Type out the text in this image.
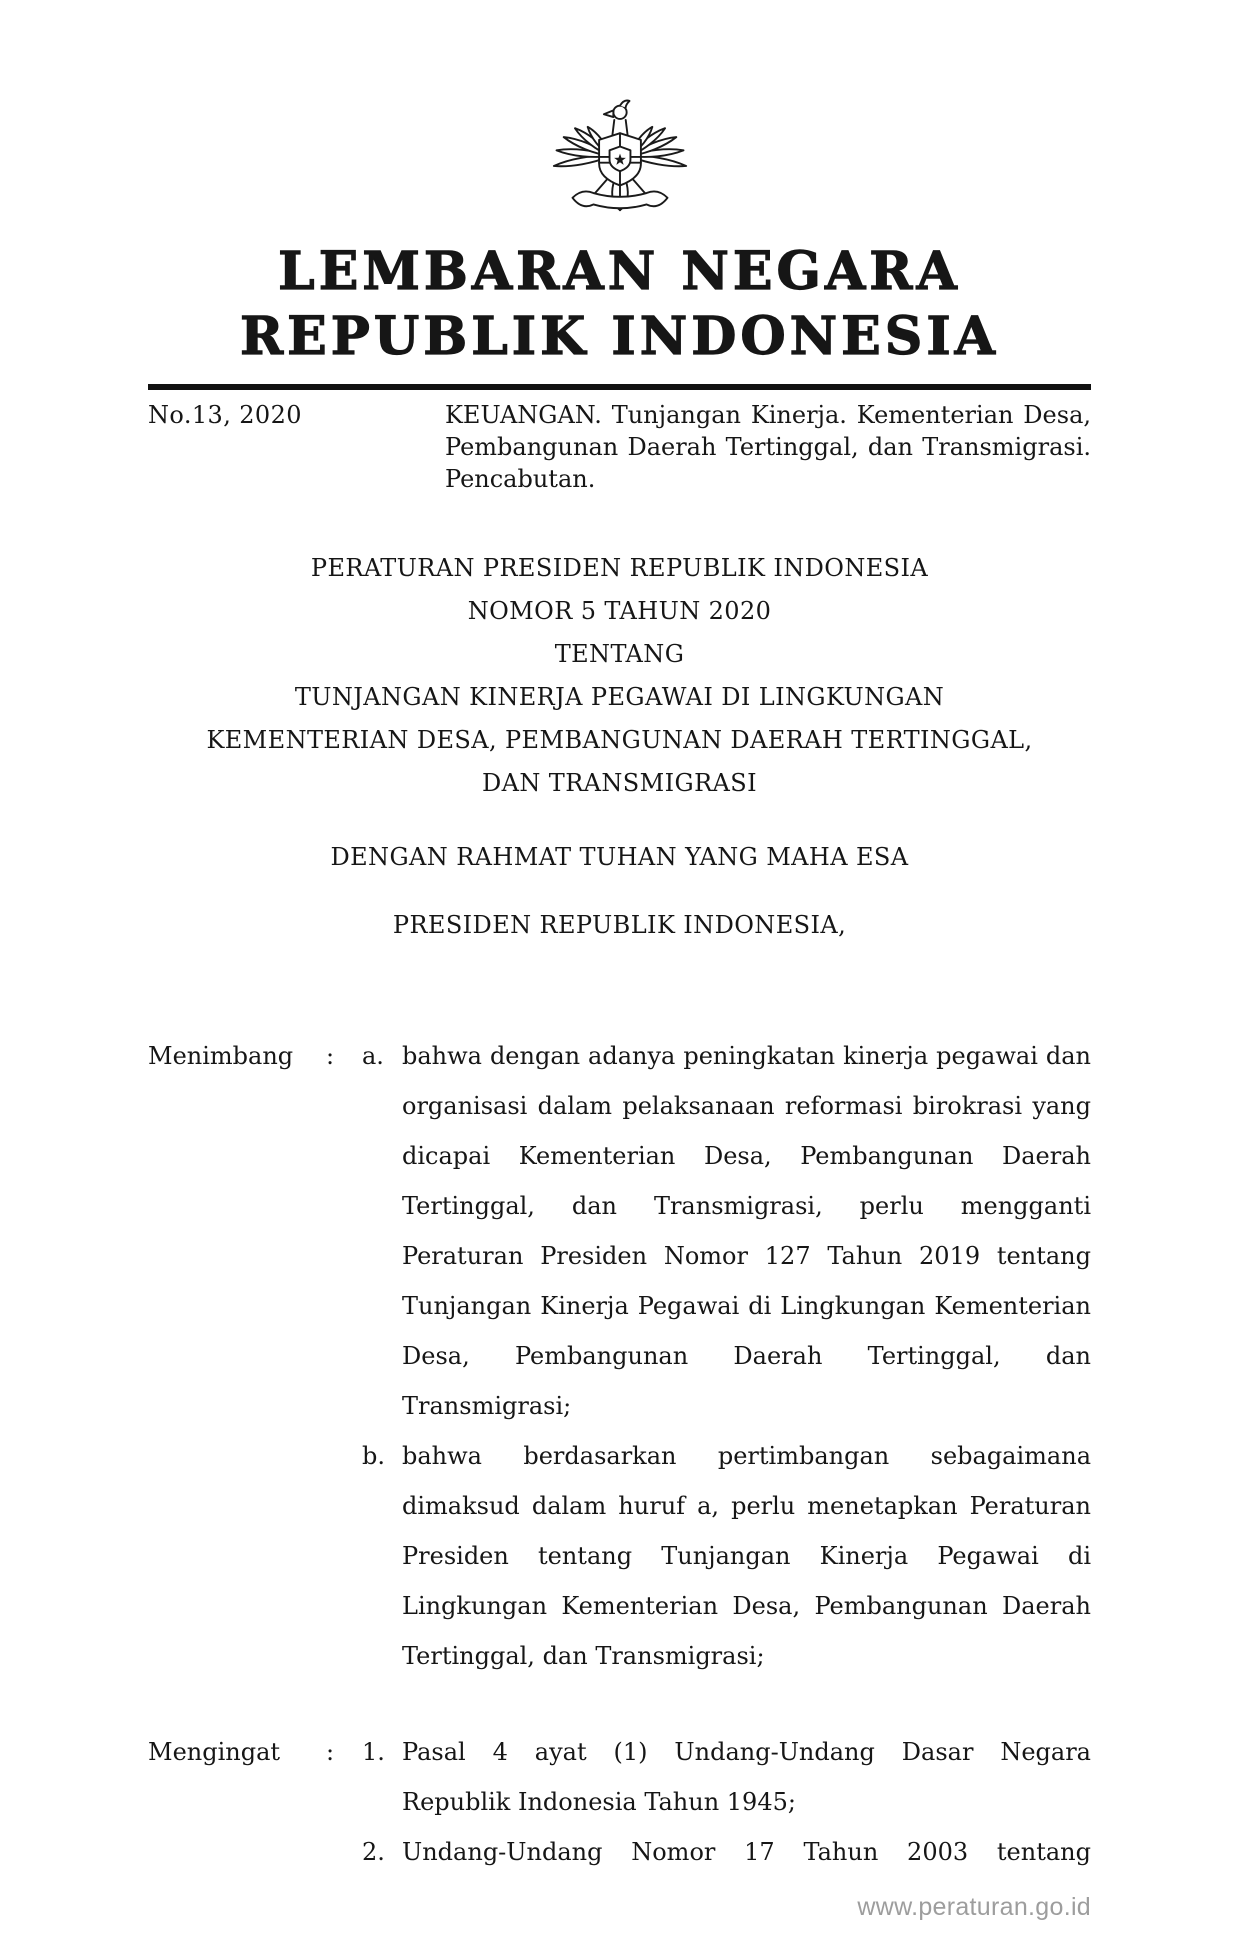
LEMBARAN NEGARA
REPUBLIK INDONESIA
No.13, 2020	KEUANGAN. Tunjangan Kinerja. Kementerian Desa, Pembangunan Daerah Tertinggal, dan Transmigrasi. Pencabutan.
PERATURAN PRESIDEN REPUBLIK INDONESIA
NOMOR 5 TAHUN 2020
TENTANG
TUNJANGAN KINERJA PEGAWAI DI LINGKUNGAN
KEMENTERIAN DESA, PEMBANGUNAN DAERAH TERTINGGAL,
DAN TRANSMIGRASI
DENGAN RAHMAT TUHAN YANG MAHA ESA
PRESIDEN REPUBLIK INDONESIA,
Menimbang	:	a. bahwa dengan adanya peningkatan kinerja pegawai dan organisasi dalam pelaksanaan reformasi birokrasi yang dicapai Kementerian Desa, Pembangunan Daerah Tertinggal, dan Transmigrasi, perlu mengganti Peraturan Presiden Nomor 127 Tahun 2019 tentang Tunjangan Kinerja Pegawai di Lingkungan Kementerian Desa, Pembangunan Daerah Tertinggal, dan Transmigrasi;
b. bahwa berdasarkan pertimbangan sebagaimana dimaksud dalam huruf a, perlu menetapkan Peraturan Presiden tentang Tunjangan Kinerja Pegawai di Lingkungan Kementerian Desa, Pembangunan Daerah Tertinggal, dan Transmigrasi;
Mengingat	:	1. Pasal 4 ayat (1) Undang-Undang Dasar Negara Republik Indonesia Tahun 1945;
2. Undang-Undang Nomor 17 Tahun 2003 tentang
www.peraturan.go.id
